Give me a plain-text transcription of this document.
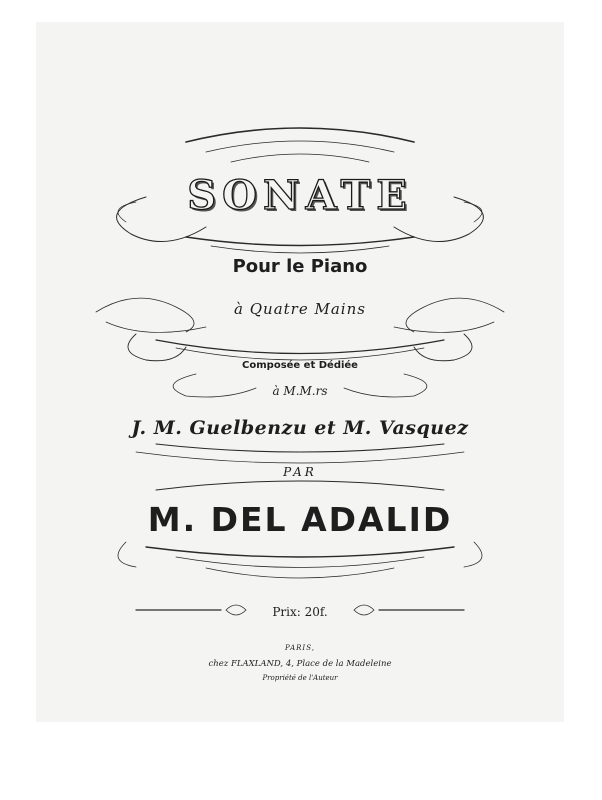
SONATE
Pour le Piano
à Quatre Mains
Composée et Dédiée
à M.M.rs
J. M. Guelbenzu et M. Vasquez
PAR
M. DEL ADALID
Prix: 20f.
PARIS,
chez FLAXLAND, 4, Place de la Madeleine
Propriété de l'Auteur
